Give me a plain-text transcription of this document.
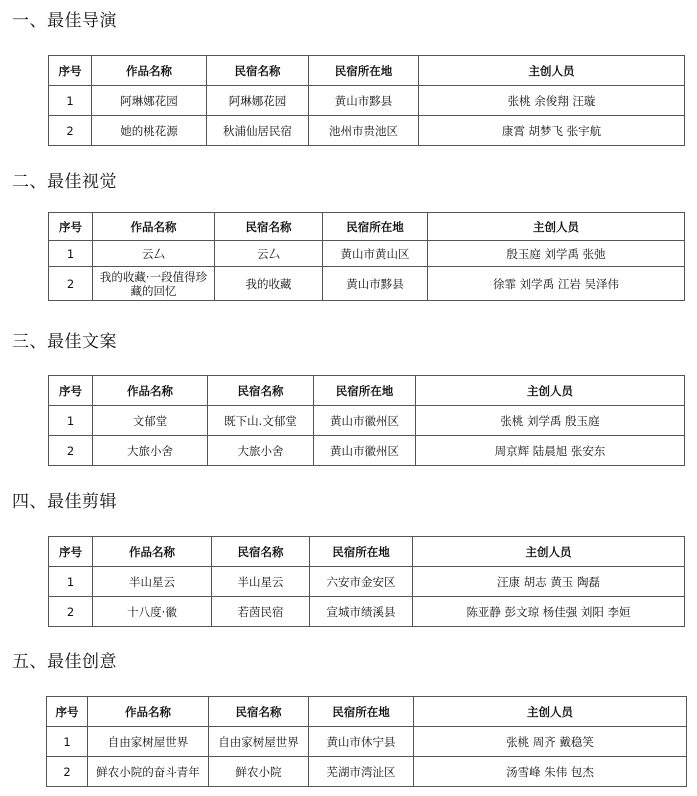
一、最佳导演
序号	作品名称	民宿名称	民宿所在地	主创人员
1	阿琳娜花园	阿琳娜花园	黄山市黟县	张桃 余俊翔 汪璇
2	她的桃花源	秋浦仙居民宿	池州市贵池区	康霄 胡梦飞 张宇航
二、最佳视觉
序号	作品名称	民宿名称	民宿所在地	主创人员
1	云厶	云厶	黄山市黄山区	殷玉庭 刘学禹 张弛
2	我的收藏·一段值得珍藏的回忆	我的收藏	黄山市黟县	徐霏 刘学禹 江岩 吴泽伟
三、最佳文案
序号	作品名称	民宿名称	民宿所在地	主创人员
1	文郁堂	既下山.文郁堂	黄山市徽州区	张桃 刘学禹 殷玉庭
2	大旅小舍	大旅小舍	黄山市徽州区	周京辉 陆晨旭 张安东
四、最佳剪辑
序号	作品名称	民宿名称	民宿所在地	主创人员
1	半山星云	半山星云	六安市金安区	汪康 胡志 黄玉 陶磊
2	十八度·徽	若茵民宿	宣城市绩溪县	陈亚静 彭文琼 杨佳强 刘阳 李姮
五、最佳创意
序号	作品名称	民宿名称	民宿所在地	主创人员
1	自由家树屋世界	自由家树屋世界	黄山市休宁县	张桃 周齐 戴稳笑
2	鲜农小院的奋斗青年	鲜农小院	芜湖市湾沚区	汤雪峰 朱伟 包杰
